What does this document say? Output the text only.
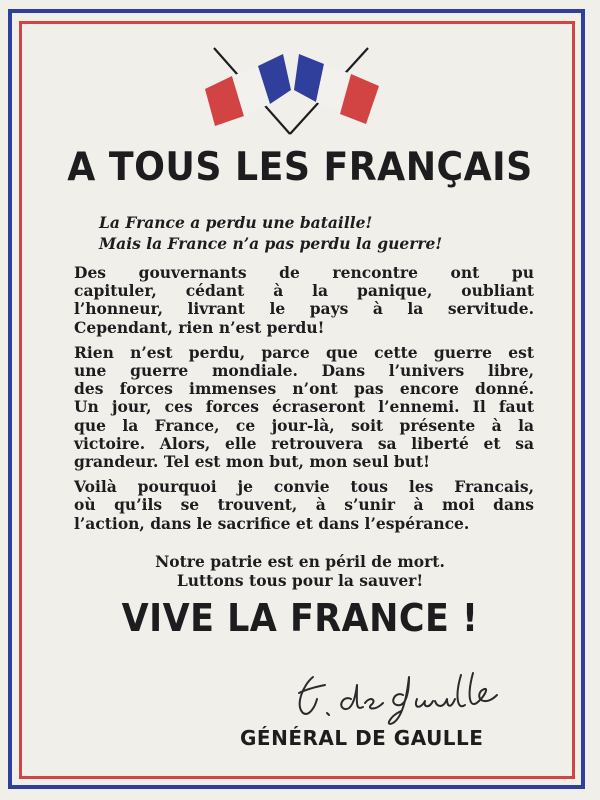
A TOUS LES FRANÇAIS
La France a perdu une bataille!
Mais la France n’a pas perdu la guerre!
Des gouvernants de rencontre ont pu
capituler, cédant à la panique, oubliant
l’honneur, livrant le pays à la servitude.
Cependant, rien n’est perdu!
Rien n’est perdu, parce que cette guerre est
une guerre mondiale. Dans l’univers libre,
des forces immenses n’ont pas encore donné.
Un jour, ces forces écraseront l’ennemi. Il faut
que la France, ce jour-là, soit présente à la
victoire. Alors, elle retrouvera sa liberté et sa
grandeur. Tel est mon but, mon seul but!
Voilà pourquoi je convie tous les Francais,
où qu’ils se trouvent, à s’unir à moi dans
l’action, dans le sacrifice et dans l’espérance.
Notre patrie est en péril de mort.
Luttons tous pour la sauver!
VIVE LA FRANCE !
GÉNÉRAL DE GAULLE
